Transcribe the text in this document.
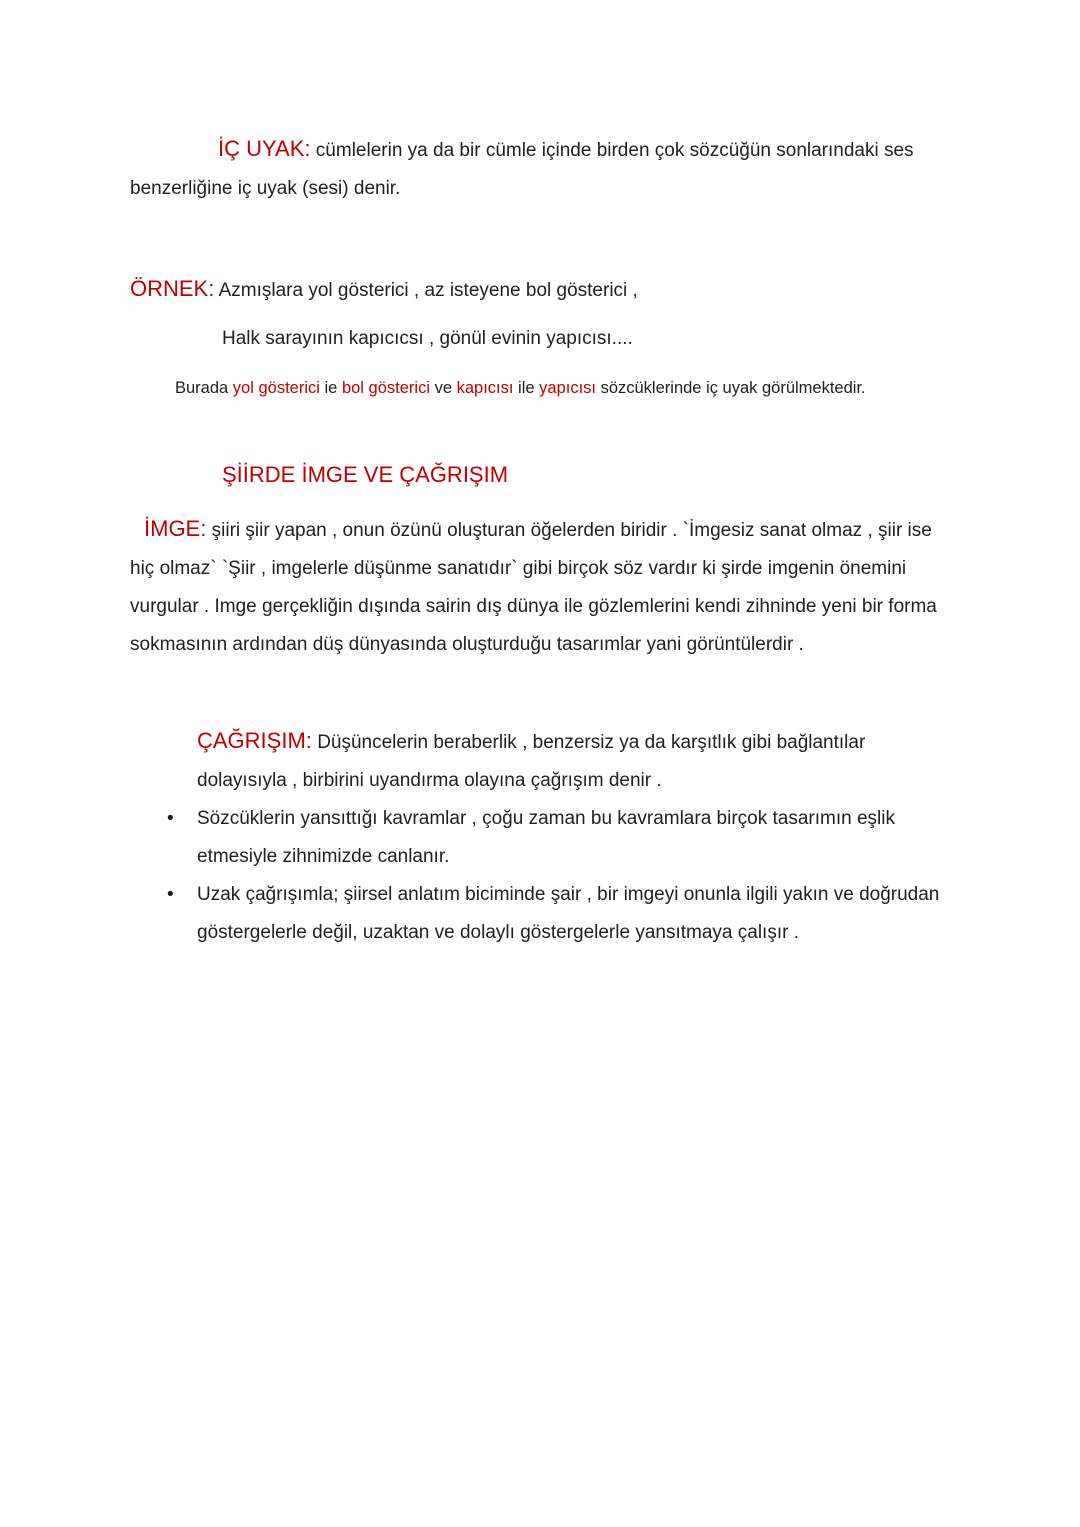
İÇ UYAK: cümlelerin ya da bir cümle içinde birden çok sözcüğün sonlarındaki ses benzerliğine iç uyak (sesi) denir.

ÖRNEK: Azmışlara yol gösterici , az isteyene bol gösterici ,

Halk sarayının kapıcıcsı , gönül evinin yapıcısı....

Burada yol gösterici ie bol gösterici ve kapıcısı ile yapıcısı sözcüklerinde iç uyak görülmektedir.

ŞİİRDE İMGE VE ÇAĞRIŞIM

İMGE: şiiri şiir yapan , onun özünü oluşturan öğelerden biridir . `İmgesiz sanat olmaz , şiir ise hiç olmaz` `Şiir , imgelerle düşünme sanatıdır` gibi birçok söz vardır ki şirde imgenin önemini vurgular . Imge gerçekliğin dışında sairin dış dünya ile gözlemlerini kendi zihninde yeni bir forma sokmasının ardından düş dünyasında oluşturduğu tasarımlar yani görüntülerdir .

ÇAĞRIŞIM: Düşüncelerin beraberlik , benzersiz ya da karşıtlık gibi bağlantılar dolayısıyla , birbirini uyandırma olayına çağrışım denir .
•	Sözcüklerin yansıttığı kavramlar , çoğu zaman bu kavramlara birçok tasarımın eşlik etmesiyle zihnimizde canlanır.
•	Uzak çağrışımla; şiirsel anlatım biciminde şair , bir imgeyi onunla ilgili yakın ve doğrudan göstergelerle değil, uzaktan ve dolaylı göstergelerle yansıtmaya çalışır .
